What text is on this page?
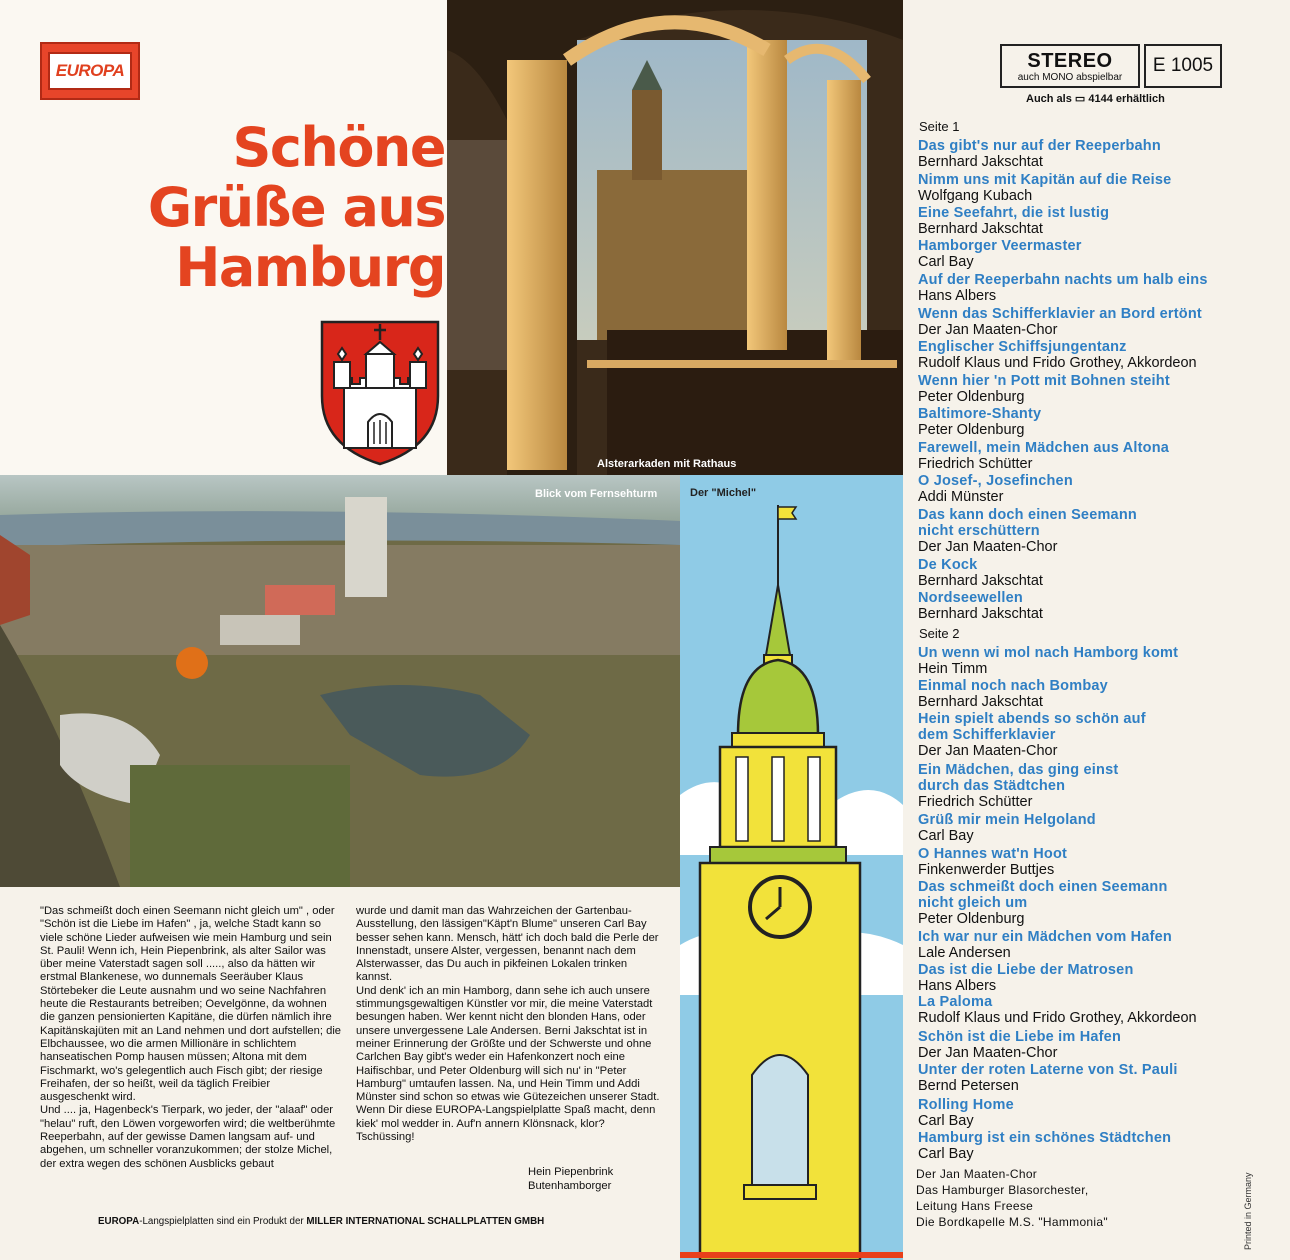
EUROPA
Schöne
Grüße aus
Hamburg
Alsterarkaden mit Rathaus
Blick vom Fernsehturm	Der "Michel"
STEREO
auch MONO abspielbar
E 1005
Auch als ▭ 4144 erhältlich
Seite 1
Das gibt's nur auf der Reeperbahn
Bernhard Jakschtat
Nimm uns mit Kapitän auf die Reise
Wolfgang Kubach
Eine Seefahrt, die ist lustig
Bernhard Jakschtat
Hamborger Veermaster
Carl Bay
Auf der Reeperbahn nachts um halb eins
Hans Albers
Wenn das Schifferklavier an Bord ertönt
Der Jan Maaten-Chor
Englischer Schiffsjungentanz
Rudolf Klaus und Frido Grothey, Akkordeon
Wenn hier 'n Pott mit Bohnen steiht
Peter Oldenburg
Baltimore-Shanty
Peter Oldenburg
Farewell, mein Mädchen aus Altona
Friedrich Schütter
O Josef-, Josefinchen
Addi Münster
Das kann doch einen Seemann nicht erschüttern
Der Jan Maaten-Chor
De Kock
Bernhard Jakschtat
Nordseewellen
Bernhard Jakschtat
Seite 2
Un wenn wi mol nach Hamborg komt
Hein Timm
Einmal noch nach Bombay
Bernhard Jakschtat
Hein spielt abends so schön auf dem Schifferklavier
Der Jan Maaten-Chor
Ein Mädchen, das ging einst durch das Städtchen
Friedrich Schütter
Grüß mir mein Helgoland
Carl Bay
O Hannes wat'n Hoot
Finkenwerder Buttjes
Das schmeißt doch einen Seemann nicht gleich um
Peter Oldenburg
Ich war nur ein Mädchen vom Hafen
Lale Andersen
Das ist die Liebe der Matrosen
Hans Albers
La Paloma
Rudolf Klaus und Frido Grothey, Akkordeon
Schön ist die Liebe im Hafen
Der Jan Maaten-Chor
Unter der roten Laterne von St. Pauli
Bernd Petersen
Rolling Home
Carl Bay
Hamburg ist ein schönes Städtchen
Carl Bay
Der Jan Maaten-Chor
Das Hamburger Blasorchester,
Leitung Hans Freese
Die Bordkapelle M.S. "Hammonia"	Printed in Germany
"Das schmeißt doch einen Seemann nicht gleich um" , oder "Schön ist die Liebe im Hafen" , ja, welche Stadt kann so viele schöne Lieder aufweisen wie mein Hamburg und sein St. Pauli! Wenn ich, Hein Piepenbrink, als alter Sailor was über meine Vaterstadt sagen soll ....., also da hätten wir erstmal Blankenese, wo dunnemals Seeräuber Klaus Störtebeker die Leute ausnahm und wo seine Nachfahren heute die Restaurants betreiben; Oevelgönne, da wohnen die ganzen pensionierten Kapitäne, die dürfen nämlich ihre Kapitänskajüten mit an Land nehmen und dort aufstellen; die Elbchaussee, wo die armen Millionäre in schlichtem hanseatischen Pomp hausen müssen; Altona mit dem Fischmarkt, wo's gelegentlich auch Fisch gibt; der riesige Freihafen, der so heißt, weil da täglich Freibier ausgeschenkt wird.
Und .... ja, Hagenbeck's Tierpark, wo jeder, der "alaaf" oder "helau" ruft, den Löwen vorgeworfen wird; die weltberühmte Reeperbahn, auf der gewisse Damen langsam auf- und abgehen, um schneller voranzukommen; der stolze Michel, der extra wegen des schönen Ausblicks gebaut
wurde und damit man das Wahrzeichen der Gartenbau-Ausstellung, den lässigen"Käpt'n Blume" unseren Carl Bay besser sehen kann. Mensch, hätt' ich doch bald die Perle der Innenstadt, unsere Alster, vergessen, benannt nach dem Alsterwasser, das Du auch in pikfeinen Lokalen trinken kannst.
Und denk' ich an min Hamborg, dann sehe ich auch unsere stimmungsgewaltigen Künstler vor mir, die meine Vaterstadt besungen haben. Wer kennt nicht den blonden Hans, oder unsere unvergessene Lale Andersen. Berni Jakschtat ist in meiner Erinnerung der Größte und der Schwerste und ohne Carlchen Bay gibt's weder ein Hafenkonzert noch eine Haifischbar, und Peter Oldenburg will sich nu' in "Peter Hamburg" umtaufen lassen. Na, und Hein Timm und Addi Münster sind schon so etwas wie Gütezeichen unserer Stadt. Wenn Dir diese EUROPA-Langspielplatte Spaß macht, denn kiek' mol wedder in. Auf'n annern Klönsnack, klor? Tschüssing!
Hein Piepenbrink
Butenhamborger
EUROPA-Langspielplatten sind ein Produkt der MILLER INTERNATIONAL SCHALLPLATTEN GMBH
